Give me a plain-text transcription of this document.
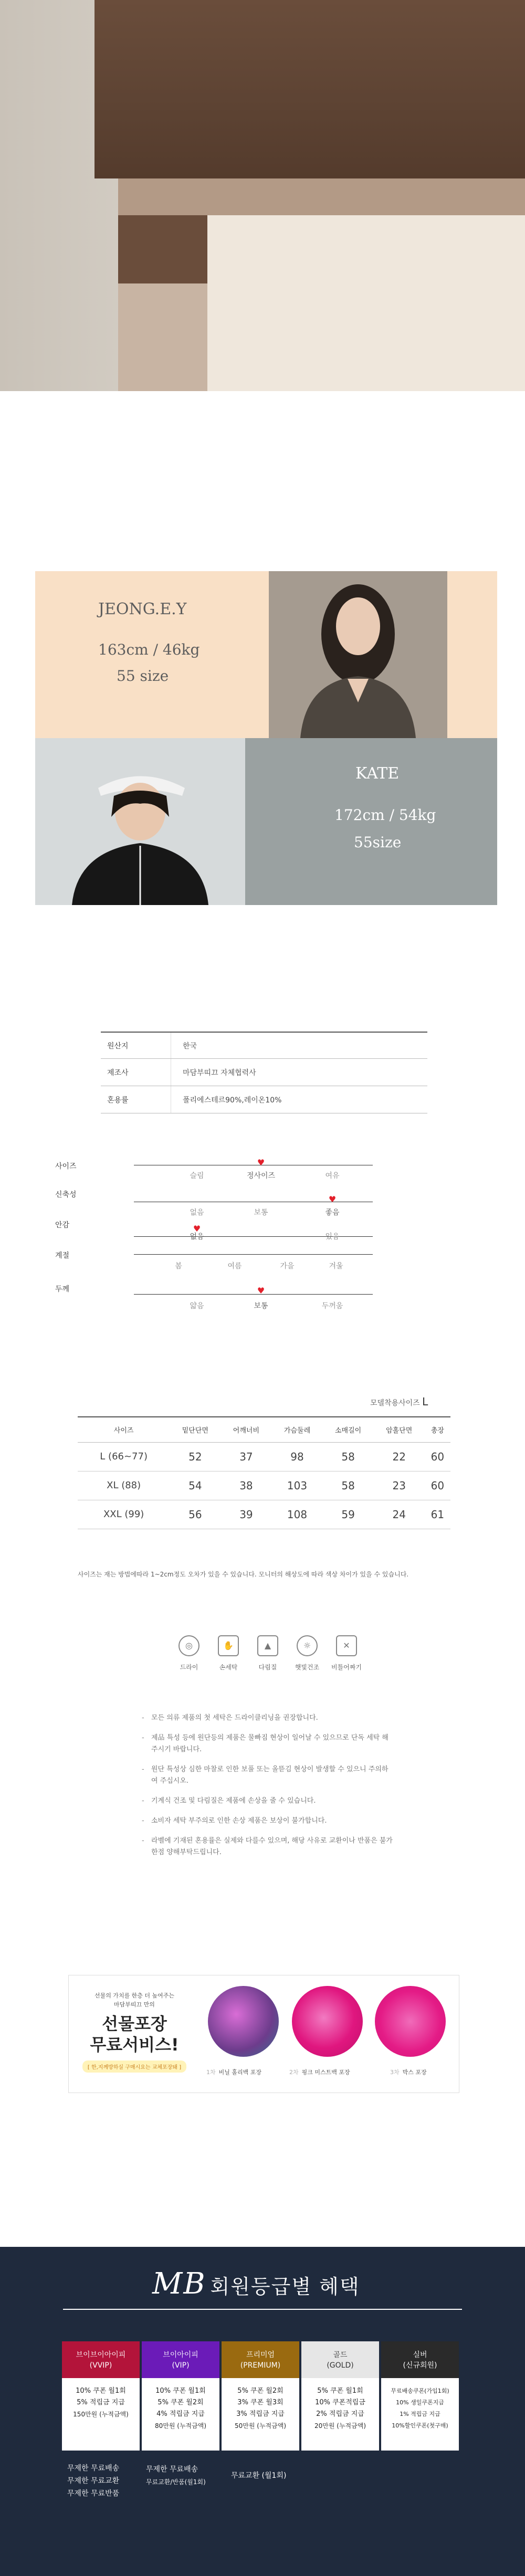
JEONG.E.Y
163cm / 46kg
55 size
KATE
172cm / 54kg
55size
원산지	한국
제조사	마담부띠끄 자체협력사
혼용률	폴리에스테르90%,레이온10%
사이즈	♥
슬림	정사이즈	여유
신축성	♥
없음	보통	좋음
안감	♥
없음	있음
계절
봄	여름	가을	겨울
두께	♥
얇음	보통	두꺼움
모델착용사이즈 L
사이즈	밑단단면	어깨너비	가슴둘레	소매길이	암홀단면	총장
L (66~77)	52	37	98	58	22	60
XL (88)	54	38	103	58	23	60
XXL (99)	56	39	108	59	24	61
사이즈는 재는 방법에따라 1~2cm정도 오차가 있을 수 있습니다. 모니터의 해상도에 따라 색상 차이가 있을 수 있습니다.
◎
드라이
✋
손세탁
▲
다림질
☼
햇빛건조
✕
비틀어짜기
- 모든 의류 제품의 첫 세탁은 드라이클리닝을 권장합니다.
- 제品 특성 등에 원단등의 제품은 물빠짐 현상이 일어날 수 있으므로 단독 세탁 해주시기 바랍니다.
- 원단 특성상 심한 마찰로 인한 보풀 또는 올뜯김 현상이 발생할 수 있으니 주의하여 주십시오.
- 기계식 건조 및 다림질은 제품에 손상을 줄 수 있습니다.
- 소비자 세탁 부주의로 인한 손상 제품은 보상이 불가합니다.
- 라벨에 기재된 혼용률은 실제와 다를수 있으며, 해당 사유로 교환이나 반품은 불가한점 양해부탁드립니다.
선물의 가치를 한층 더 높여주는
마담부띠끄 만의
선물포장
무료서비스!
[ 한,지께방하실 구매시요는 교체포장돼 ]
1차 비닐 홀리백 포장	2차 핑크 미스트백 포장	3차 박스 포장
MB 회원등급별 혜택
브이브이아이피
(VVIP)
10% 쿠폰 월1회
5% 적립금 지급
150만원 (누적금액)
브이아이피
(VIP)
10% 쿠폰 월1회
5% 쿠폰 월2회
4% 적립금 지급
80만원 (누적금액)
프리미엄
(PREMIUM)
5% 쿠폰 월2회
3% 쿠폰 월3회
3% 적립금 지급
50만원 (누적금액)
골드
(GOLD)
5% 쿠폰 월1회
10% 쿠폰적립금
2% 적립금 지급
20만원 (누적금액)
실버
(신규회원)
무료배송쿠폰(가입1회)
10% 생일쿠폰지급
1% 적립금 지급
10%할인쿠폰(첫구매)
무제한 무료배송
무제한 무료교환
무제한 무료반품
무제한 무료배송
무료교환/반품(월1회)
무료교환 (월1회)
